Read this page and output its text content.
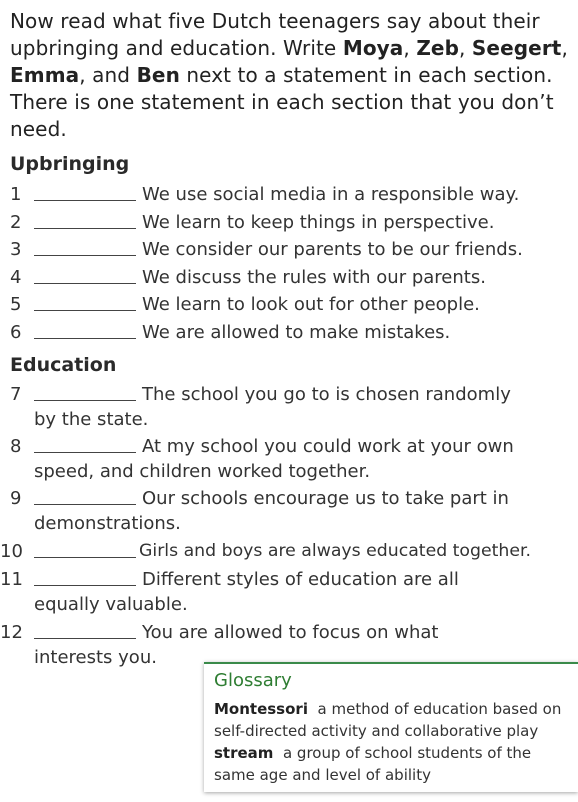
Now read what five Dutch teenagers say about their upbringing and education. Write Moya, Zeb, Seegert, Emma, and Ben next to a statement in each section. There is one statement in each section that you don’t need.
Upbringing
1	We use social media in a responsible way.
2	We learn to keep things in perspective.
3	We consider our parents to be our friends.
4	We discuss the rules with our parents.
5	We learn to look out for other people.
6	We are allowed to make mistakes.
Education
7	The school you go to is chosen randomly
by the state.
8	At my school you could work at your own
speed, and children worked together.
9	Our schools encourage us to take part in
demonstrations.
10	Girls and boys are always educated together.
11	Different styles of education are all
equally valuable.
12	You are allowed to focus on what
interests you.
Glossary
Montessori a method of education based on self-directed activity and collaborative play
stream a group of school students of the same age and level of ability
